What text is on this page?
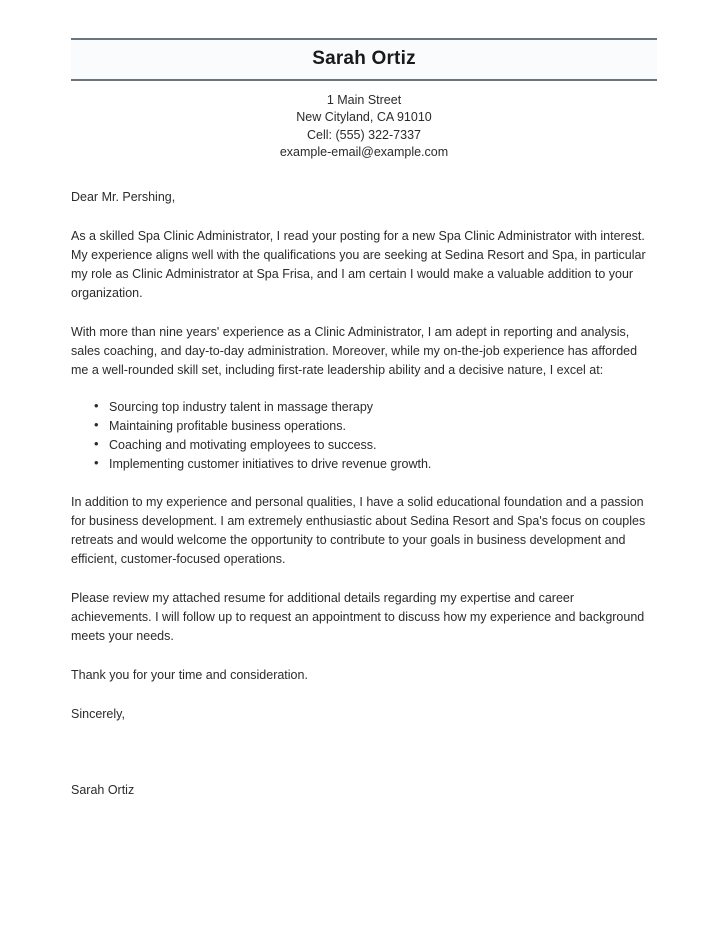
Sarah Ortiz
1 Main Street
New Cityland, CA 91010
Cell: (555) 322-7337
example-email@example.com

Dear Mr. Pershing,

As a skilled Spa Clinic Administrator, I read your posting for a new Spa Clinic Administrator with interest. My experience aligns well with the qualifications you are seeking at Sedina Resort and Spa, in particular my role as Clinic Administrator at Spa Frisa, and I am certain I would make a valuable addition to your organization.

With more than nine years' experience as a Clinic Administrator, I am adept in reporting and analysis, sales coaching, and day-to-day administration. Moreover, while my on-the-job experience has afforded me a well-rounded skill set, including first-rate leadership ability and a decisive nature, I excel at:

• Sourcing top industry talent in massage therapy
• Maintaining profitable business operations.
• Coaching and motivating employees to success.
• Implementing customer initiatives to drive revenue growth.

In addition to my experience and personal qualities, I have a solid educational foundation and a passion for business development. I am extremely enthusiastic about Sedina Resort and Spa's focus on couples retreats and would welcome the opportunity to contribute to your goals in business development and efficient, customer-focused operations.

Please review my attached resume for additional details regarding my expertise and career achievements. I will follow up to request an appointment to discuss how my experience and background meets your needs.

Thank you for your time and consideration.

Sincerely,

Sarah Ortiz
